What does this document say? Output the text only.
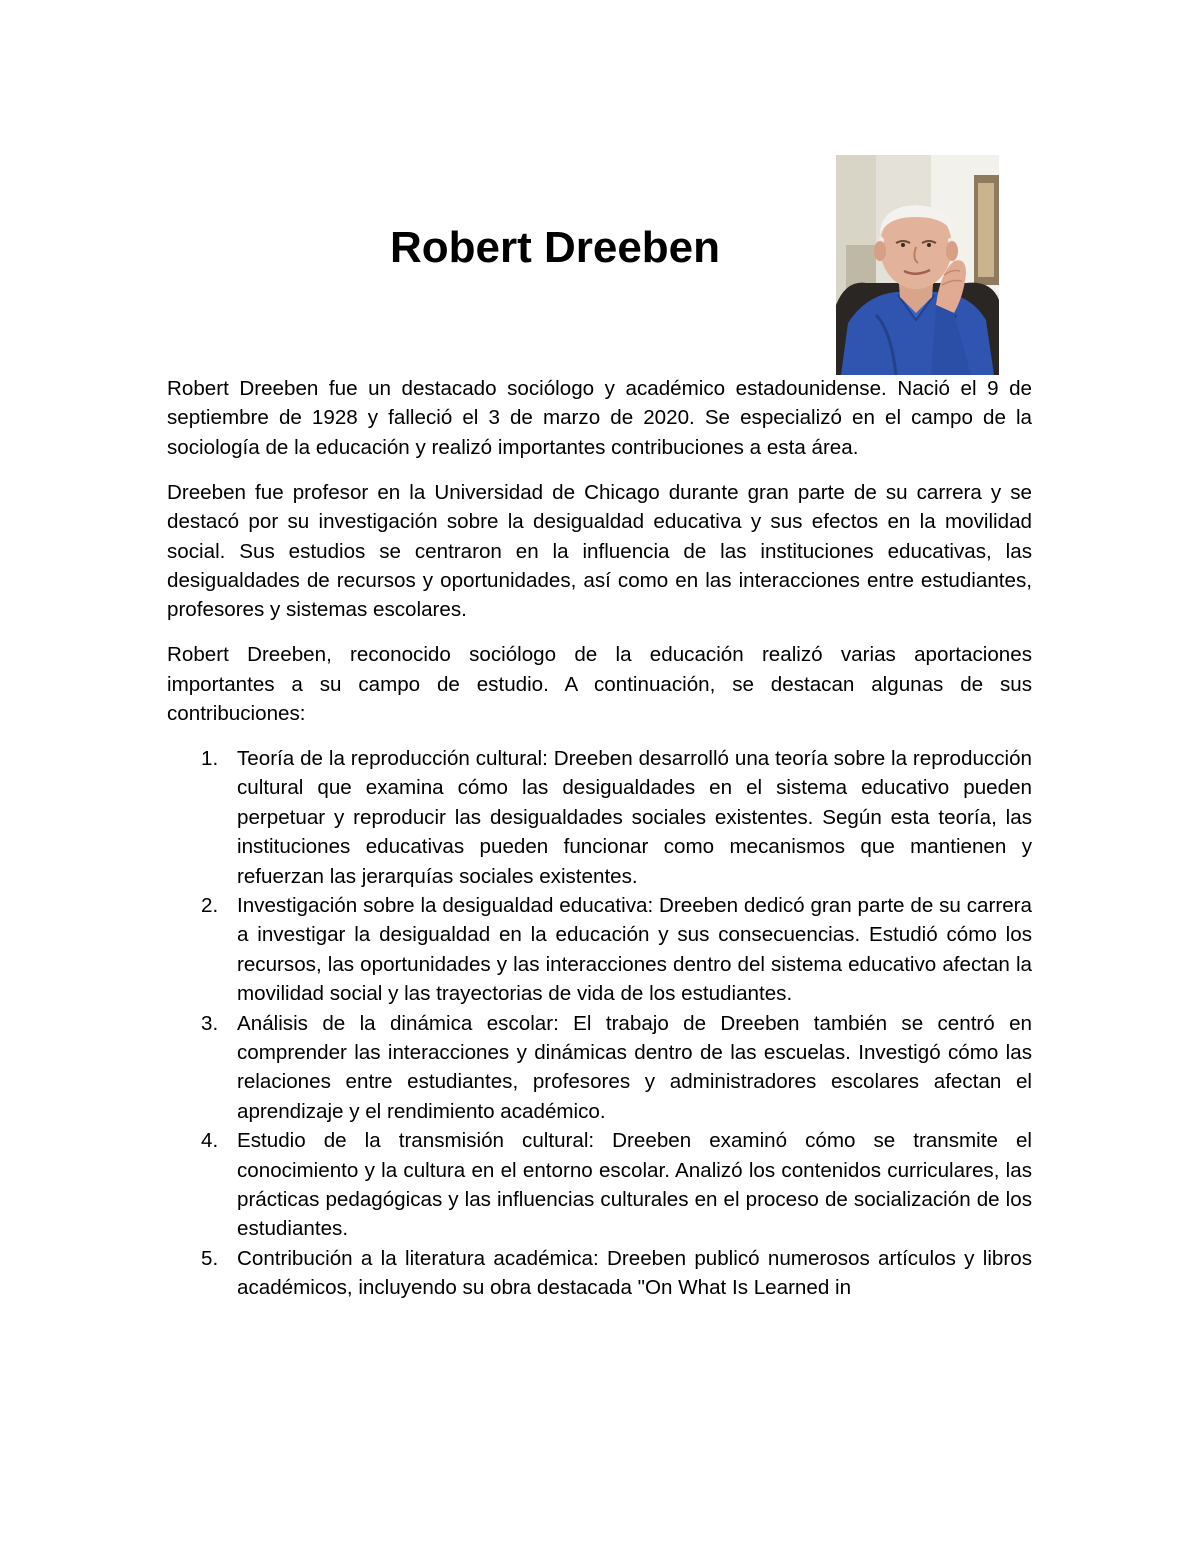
Robert Dreeben

Robert Dreeben fue un destacado sociólogo y académico estadounidense. Nació el 9 de septiembre de 1928 y falleció el 3 de marzo de 2020. Se especializó en el campo de la sociología de la educación y realizó importantes contribuciones a esta área.

Dreeben fue profesor en la Universidad de Chicago durante gran parte de su carrera y se destacó por su investigación sobre la desigualdad educativa y sus efectos en la movilidad social. Sus estudios se centraron en la influencia de las instituciones educativas, las desigualdades de recursos y oportunidades, así como en las interacciones entre estudiantes, profesores y sistemas escolares.

Robert Dreeben, reconocido sociólogo de la educación realizó varias aportaciones importantes a su campo de estudio. A continuación, se destacan algunas de sus contribuciones:

1. Teoría de la reproducción cultural: Dreeben desarrolló una teoría sobre la reproducción cultural que examina cómo las desigualdades en el sistema educativo pueden perpetuar y reproducir las desigualdades sociales existentes. Según esta teoría, las instituciones educativas pueden funcionar como mecanismos que mantienen y refuerzan las jerarquías sociales existentes.
2. Investigación sobre la desigualdad educativa: Dreeben dedicó gran parte de su carrera a investigar la desigualdad en la educación y sus consecuencias. Estudió cómo los recursos, las oportunidades y las interacciones dentro del sistema educativo afectan la movilidad social y las trayectorias de vida de los estudiantes.
3. Análisis de la dinámica escolar: El trabajo de Dreeben también se centró en comprender las interacciones y dinámicas dentro de las escuelas. Investigó cómo las relaciones entre estudiantes, profesores y administradores escolares afectan el aprendizaje y el rendimiento académico.
4. Estudio de la transmisión cultural: Dreeben examinó cómo se transmite el conocimiento y la cultura en el entorno escolar. Analizó los contenidos curriculares, las prácticas pedagógicas y las influencias culturales en el proceso de socialización de los estudiantes.
5. Contribución a la literatura académica: Dreeben publicó numerosos artículos y libros académicos, incluyendo su obra destacada "On What Is Learned in
